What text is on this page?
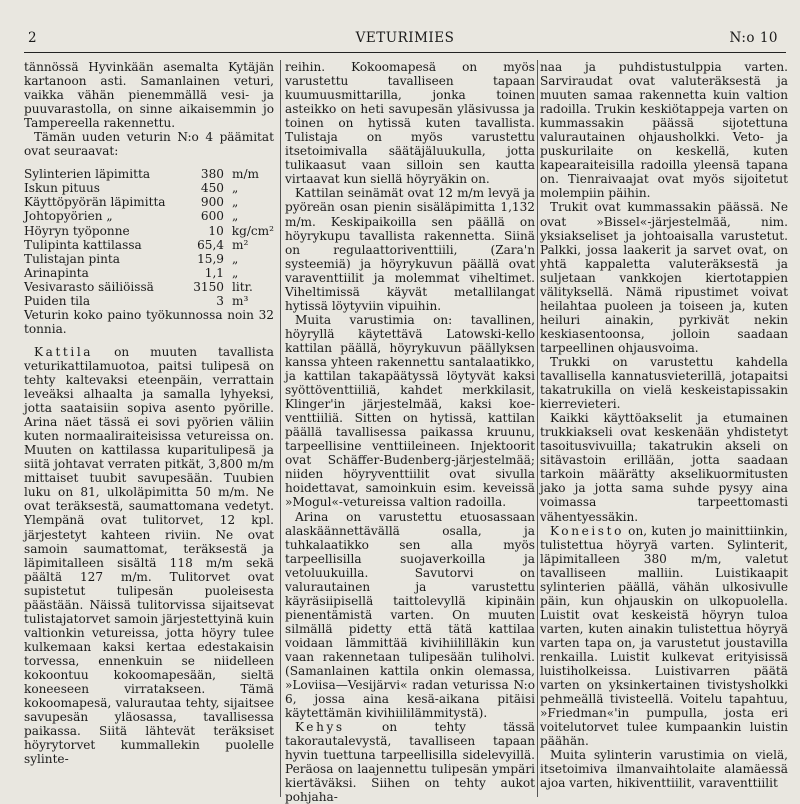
2	VETURIMIES	N:o 10

tännössä Hyvinkään asemalta Kytäjän kartanoon asti. Samanlainen veturi, vaikka vähän pienemmällä vesi- ja puuvarastolla, on sinne aikaisemmin jo Tampereella rakennettu.

Tämän uuden veturin N:o 4 päämitat ovat seuraavat:

Sylinterien läpimitta	380 m/m
Iskun pituus	450 „
Käyttöpyörän läpimitta	900 „
Johtopyörien „	600 „
Höyryn työponne	10 kg/cm²
Tulipinta kattilassa	65,4 m²
Tulistajan pinta	15,9 „
Arinapinta	1,1 „
Vesivarasto säiliöissä	3150 litr.
Puiden tila	3 m³

Veturin koko paino työkunnossa noin 32 tonnia.

Kattila on muuten tavallista veturikattilamuotoa, paitsi tulipesä on tehty kaltevaksi eteenpäin, verrattain leveäksi alhaalta ja samalla lyhyeksi, jotta saataisiin sopiva asento pyörille. Arina näet tässä ei sovi pyörien väliin kuten normaaliraiteisissa vetureissa on. Muuten on kattilassa kuparitulipesä ja siitä johtavat verraten pitkät, 3,800 m/m mittaiset tuubit savupesään. Tuubien luku on 81, ulkoläpimitta 50 m/m. Ne ovat teräksestä, saumattomana vedetyt. Ylempänä ovat tulitorvet, 12 kpl. järjestetyt kahteen riviin. Ne ovat samoin saumattomat, teräksestä ja läpimitalleen sisältä 118 m/m sekä päältä 127 m/m. Tulitorvet ovat supistetut tulipesän puoleisesta päästään. Näissä tulitorvissa sijaitsevat tulistajatorvet samoin järjestettyinä kuin valtionkin vetureissa, jotta höyry tulee kulkemaan kaksi kertaa edestakaisin torvessa, ennenkuin se niidelleen kokoontuu kokoomapesään, sieltä koneeseen virratakseen. Tämä kokoomapesä, valurautaa tehty, sijaitsee savupesän yläosassa, tavallisessa paikassa. Siitä lähtevät teräksiset höyrytorvet kummallekin puolelle sylinte-

reihin. Kokoomapesä on myös varustettu tavalliseen tapaan kuumuusmittarilla, jonka toinen asteikko on heti savupesän yläsivussa ja toinen on hytissä kuten tavallista. Tulistaja on myös varustettu itsetoimivalla säätäjäluukulla, jotta tulikaasut vaan silloin sen kautta virtaavat kun siellä höyryäkin on.

Kattilan seinämät ovat 12 m/m levyä ja pyöreän osan pienin sisäläpimitta 1,132 m/m. Keskipaikoilla sen päällä on höyrykupu tavallista rakennetta. Siinä on regulaattoriventtiili, (Zara'n systeemiä) ja höyrykuvun päällä ovat varaventtiilit ja molemmat viheltimet. Viheltimissä käyvät metallilangat hytissä löytyviin vipuihin.

Muita varustimia on: tavallinen, höyryllä käytettävä Latowski-kello kattilan päällä, höyrykuvun päällyksen kanssa yhteen rakennettu santalaatikko, ja kattilan takapäätyssä löytyvät kaksi syöttöventtiiliä, kahdet merkkilasit, Klinger'in järjestelmää, kaksi koe-venttiiliä. Sitten on hytissä, kattilan päällä tavallisessa paikassa kruunu, tarpeellisine venttiileineen. Injektoorit ovat Schäffer-Budenberg-järjestelmää; niiden höyryventtiilit ovat sivulla hoidettavat, samoinkuin esim. keveissä »Mogul«-vetureissa valtion radoilla.

Arina on varustettu etuosassaan alaskäännettävällä osalla, ja tuhkalaatikko sen alla myös tarpeellisilla suojaverkoilla ja vetoluukuilla. Savutorvi on valurautainen ja varustettu käyräsiipisellä taittolevyllä kipinäin pienentämistä varten. On muuten silmällä pidetty että tätä kattilaa voidaan lämmittää kivihiililläkin kun vaan rakennetaan tulipesään tuliholvi. (Samanlainen kattila onkin olemassa, »Loviisa—Vesijärvi« radan veturissa N:o 6, jossa aina kesä-aikana pitäisi käytettämän kivihiililämmitystä).

Kehys on tehty tässä takorautalevystä, tavalliseen tapaan hyvin tuettuna tarpeellisilla sidelevyillä. Peräosa on laajennettu tulipesän ympäri kiertäväksi. Siihen on tehty aukot pohjaha-

naa ja puhdistustulppia varten. Sarviraudat ovat valuteräksestä ja muuten samaa rakennetta kuin valtion radoilla. Trukin keskiötappeja varten on kummassakin päässä sijotettuna valurautainen ohjausholkki. Veto- ja puskurilaite on keskellä, kuten kapearaiteisilla radoilla yleensä tapana on. Tienraivaajat ovat myös sijoitetut molempiin päihin.

Trukit ovat kummassakin päässä. Ne ovat »Bissel«-järjestelmää, nim. yksiakseliset ja johtoaisalla varustetut. Palkki, jossa laakerit ja sarvet ovat, on yhtä kappaletta valuteräksestä ja suljetaan vankkojen kiertotappien välityksellä. Nämä ripustimet voivat heilahtaa puoleen ja toiseen ja, kuten heiluri ainakin, pyrkivät nekin keskiasentoonsa, jolloin saadaan tarpeellinen ohjausvoima.

Trukki on varustettu kahdella tavallisella kannatusvieterillä, jotapaitsi takatrukilla on vielä keskeistapissakin kierrevieteri.

Kaikki käyttöakselit ja etumainen trukkiakseli ovat keskenään yhdistetyt tasoitusvivuilla; takatrukin akseli on sitävastoin erillään, jotta saadaan tarkoin määrätty akselikuormitusten jako ja jotta sama suhde pysyy aina voimassa tarpeettomasti vähentyessäkin.

Koneisto on, kuten jo mainittiinkin, tulistettua höyryä varten. Sylinterit, läpimitalleen 380 m/m, valetut tavalliseen malliin. Luistikaapit sylinterien päällä, vähän ulkosivulle päin, kun ohjauskin on ulkopuolella. Luistit ovat keskeistä höyryn tuloa varten, kuten ainakin tulistettua höyryä varten tapa on, ja varustetut joustavilla renkailla. Luistit kulkevat erityisissä luistiholkeissa. Luistivarren päätä varten on yksinkertainen tivistysholkki pehmeällä tivisteellä. Voitelu tapahtuu, »Friedman«'in pumpulla, josta eri voitelutorvet tulee kumpaankin luistin päähän.

Muita sylinterin varustimia on vielä, itsetoimiva ilmanvaihtolaite alamäessä ajoa varten, hikiventtiilit, varaventtiilit
